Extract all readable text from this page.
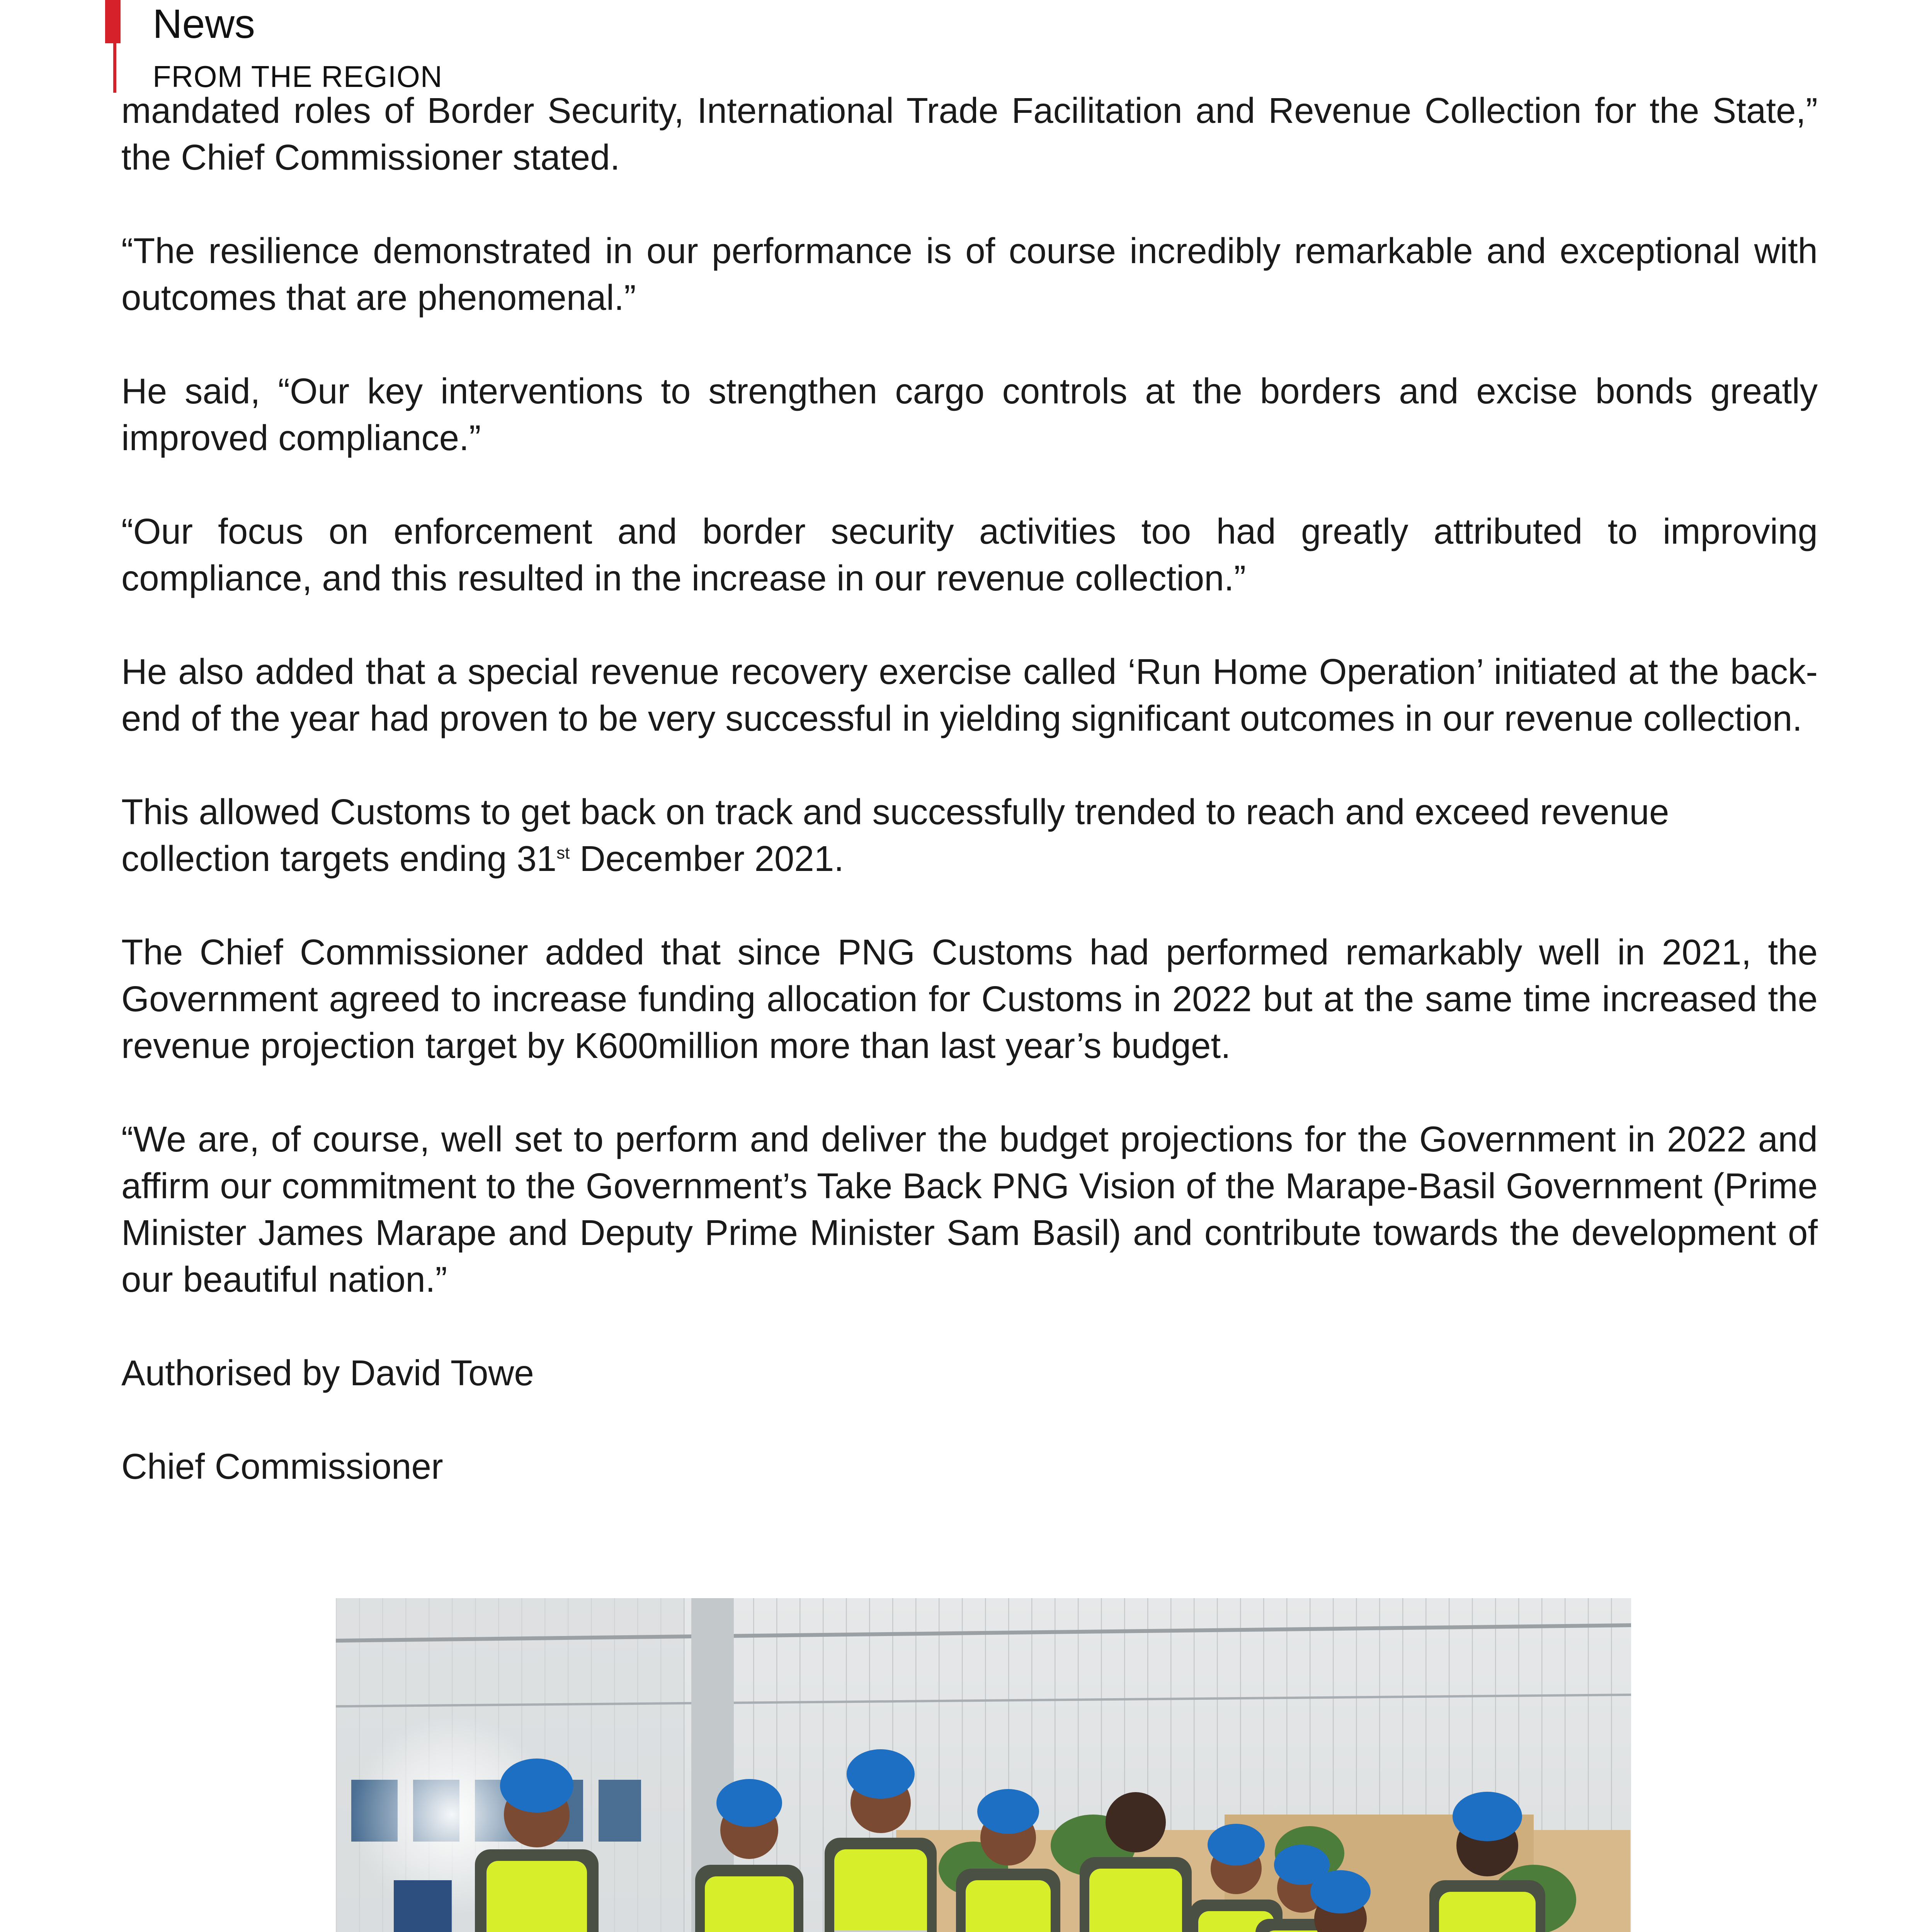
News
FROM THE REGION

mandated roles of Border Security, International Trade Facilitation and Revenue Collection for the State,” the Chief Commissioner stated.

“The resilience demonstrated in our performance is of course incredibly remarkable and exceptional with outcomes that are phenomenal.”

He said, “Our key interventions to strengthen cargo controls at the borders and excise bonds greatly improved compliance.”

“Our focus on enforcement and border security activities too had greatly attributed to improving compliance, and this resulted in the increase in our revenue collection.”

He also added that a special revenue recovery exercise called ‘Run Home Operation’ initiated at the back-end of the year had proven to be very successful in yielding significant outcomes in our revenue collection.

This allowed Customs to get back on track and successfully trended to reach and exceed revenue collection targets ending 31st December 2021.

The Chief Commissioner added that since PNG Customs had performed remarkably well in 2021, the Government agreed to increase funding allocation for Customs in 2022 but at the same time increased the revenue projection target by K600million more than last year’s budget.

“We are, of course, well set to perform and deliver the budget projections for the Government in 2022 and affirm our commitment to the Government’s Take Back PNG Vision of the Marape-Basil Government (Prime Minister James Marape and Deputy Prime Minister Sam Basil) and contribute towards the development of our beautiful nation.”

Authorised by David Towe

Chief Commissioner
